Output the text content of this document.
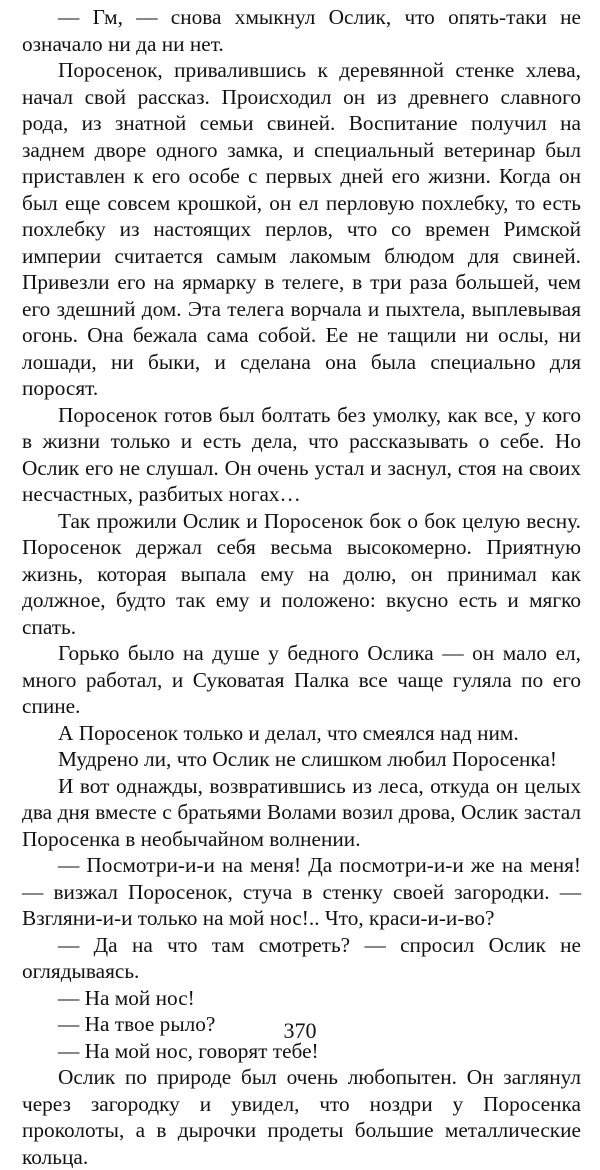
— Гм, — снова хмыкнул Ослик, что опять-таки не означало ни да ни нет.

Поросенок, привалившись к деревянной стенке хлева, начал свой рассказ. Происходил он из древнего славного рода, из знатной семьи свиней. Воспитание получил на заднем дворе одного замка, и специальный ветеринар был приставлен к его особе с первых дней его жизни. Когда он был еще совсем крошкой, он ел перловую похлебку, то есть похлебку из настоящих перлов, что со времен Римской империи считается самым лакомым блюдом для свиней. Привезли его на ярмарку в телеге, в три раза большей, чем его здешний дом. Эта телега ворчала и пыхтела, выплевывая огонь. Она бежала сама собой. Ее не тащили ни ослы, ни лошади, ни быки, и сделана она была специально для поросят.

Поросенок готов был болтать без умолку, как все, у кого в жизни только и есть дела, что рассказывать о себе. Но Ослик его не слушал. Он очень устал и заснул, стоя на своих несчастных, разбитых ногах…

Так прожили Ослик и Поросенок бок о бок целую весну. Поросенок держал себя весьма высокомерно. Приятную жизнь, которая выпала ему на долю, он принимал как должное, будто так ему и положено: вкусно есть и мягко спать.

Горько было на душе у бедного Ослика — он мало ел, много работал, и Суковатая Палка все чаще гуляла по его спине.

А Поросенок только и делал, что смеялся над ним.

Мудрено ли, что Ослик не слишком любил Поросенка!

И вот однажды, возвратившись из леса, откуда он целых два дня вместе с братьями Волами возил дрова, Ослик застал Поросенка в необычайном волнении.

— Посмотри-и-и на меня! Да посмотри-и-и же на меня! — визжал Поросенок, стуча в стенку своей загородки. — Взгляни-и-и только на мой нос!.. Что, краси-и-и-во?

— Да на что там смотреть? — спросил Ослик не оглядываясь.

— На мой нос!

— На твое рыло?

— На мой нос, говорят тебе!

Ослик по природе был очень любопытен. Он заглянул через загородку и увидел, что ноздри у Поросенка проколоты, а в дырочки продеты большие металлические кольца.

370
